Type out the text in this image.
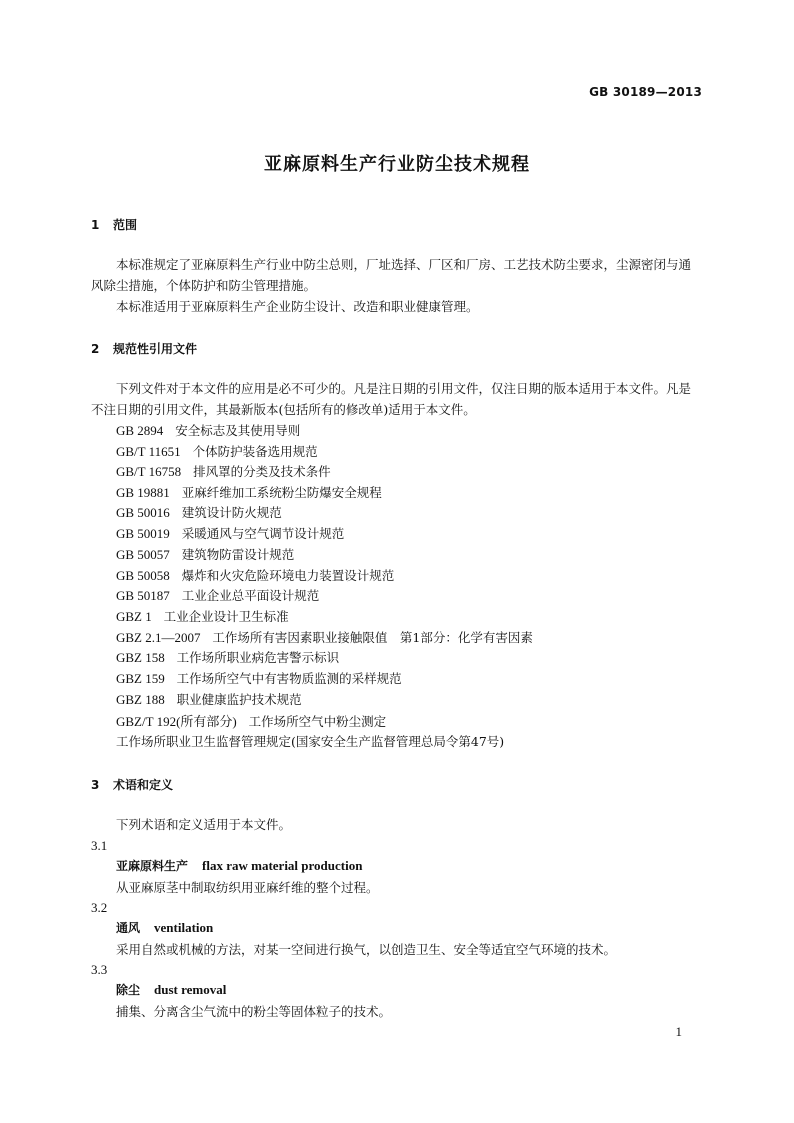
GB 30189—2013
亚麻原料生产行业防尘技术规程
1 范围
本标准规定了亚麻原料生产行业中防尘总则，厂址选择、厂区和厂房、工艺技术防尘要求，尘源密闭与通风除尘措施，个体防护和防尘管理措施。
本标准适用于亚麻原料生产企业防尘设计、改造和职业健康管理。
2 规范性引用文件
下列文件对于本文件的应用是必不可少的。凡是注日期的引用文件，仅注日期的版本适用于本文件。凡是不注日期的引用文件，其最新版本(包括所有的修改单)适用于本文件。
GB 2894 安全标志及其使用导则
GB/T 11651 个体防护装备选用规范
GB/T 16758 排风罩的分类及技术条件
GB 19881 亚麻纤维加工系统粉尘防爆安全规程
GB 50016 建筑设计防火规范
GB 50019 采暖通风与空气调节设计规范
GB 50057 建筑物防雷设计规范
GB 50058 爆炸和火灾危险环境电力装置设计规范
GB 50187 工业企业总平面设计规范
GBZ 1 工业企业设计卫生标准
GBZ 2.1—2007 工作场所有害因素职业接触限值　第1部分：化学有害因素
GBZ 158 工作场所职业病危害警示标识
GBZ 159 工作场所空气中有害物质监测的采样规范
GBZ 188 职业健康监护技术规范
GBZ/T 192(所有部分) 工作场所空气中粉尘测定
工作场所职业卫生监督管理规定(国家安全生产监督管理总局令第47号)
3 术语和定义
下列术语和定义适用于本文件。
3.1
亚麻原料生产 flax raw material production
从亚麻原茎中制取纺织用亚麻纤维的整个过程。
3.2
通风 ventilation
采用自然或机械的方法，对某一空间进行换气，以创造卫生、安全等适宜空气环境的技术。
3.3
除尘 dust removal
捕集、分离含尘气流中的粉尘等固体粒子的技术。
1
